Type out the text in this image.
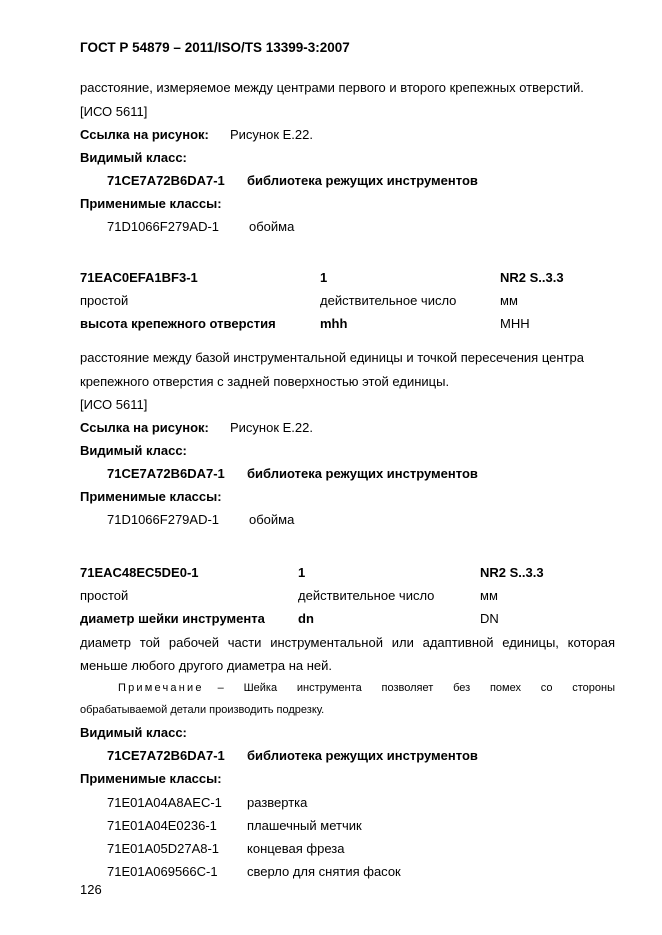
ГОСТ Р 54879 – 2011/ISO/TS 13399-3:2007
расстояние, измеряемое между центрами первого и второго крепежных отверстий.
[ИСО 5611]
Ссылка на рисунок: Рисунок E.22.
Видимый класс:
71CE7A72B6DA7-1 библиотека режущих инструментов
Применимые классы:
71D1066F279AD-1 обойма
71EAC0EFA1BF3-1	1	NR2 S..3.3
простой	действительное число	мм
высота крепежного отверстия	mhh	MHH
расстояние между базой инструментальной единицы и точкой пересечения центра
крепежного отверстия с задней поверхностью этой единицы.
[ИСО 5611]
Ссылка на рисунок: Рисунок E.22.
Видимый класс:
71CE7A72B6DA7-1 библиотека режущих инструментов
Применимые классы:
71D1066F279AD-1 обойма
71EAC48EC5DE0-1	1	NR2 S..3.3
простой	действительное число	мм
диаметр шейки инструмента	dn	DN
диаметр той рабочей части инструментальной или адаптивной единицы, которая
меньше любого другого диаметра на ней.
Примечание – Шейка инструмента позволяет без помех со стороны
обрабатываемой детали производить подрезку.
Видимый класс:
71CE7A72B6DA7-1 библиотека режущих инструментов
Применимые классы:
71E01A04A8AEC-1 развертка
71E01A04E0236-1 плашечный метчик
71E01A05D27A8-1 концевая фреза
71E01A069566C-1 сверло для снятия фасок
126
